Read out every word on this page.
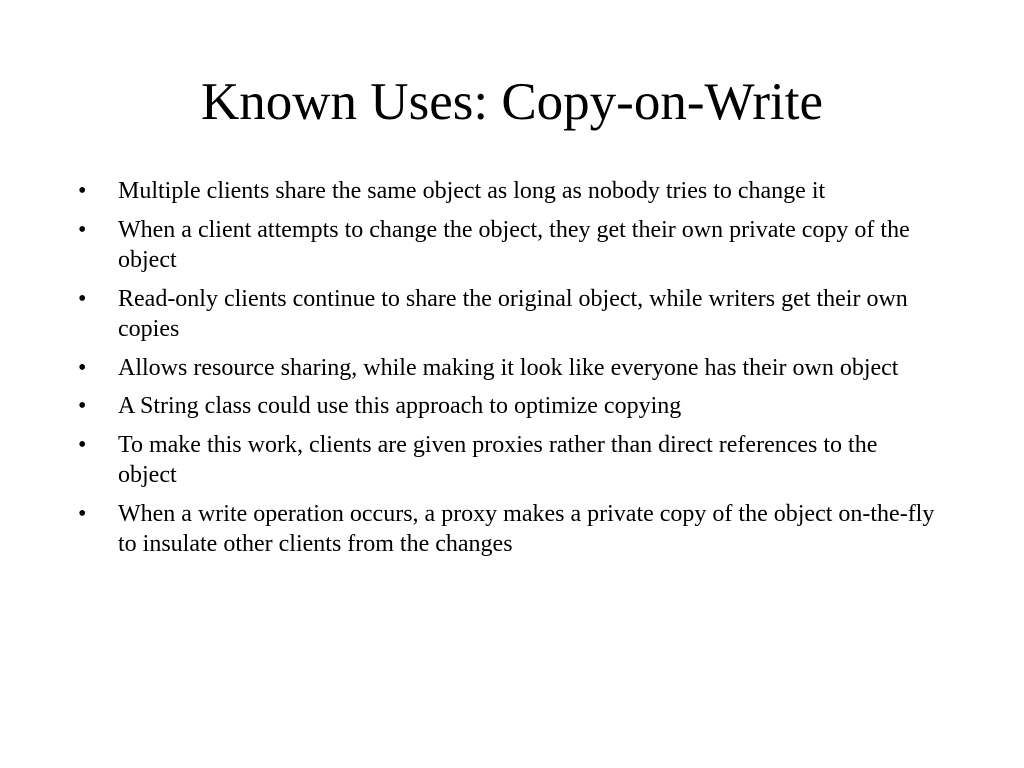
Known Uses: Copy-on-Write
•	Multiple clients share the same object as long as nobody tries to change it
•	When a client attempts to change the object, they get their own private copy of the object
•	Read-only clients continue to share the original object, while writers get their own copies
•	Allows resource sharing, while making it look like everyone has their own object
•	A String class could use this approach to optimize copying
•	To make this work, clients are given proxies rather than direct references to the object
•	When a write operation occurs, a proxy makes a private copy of the object on-the-fly to insulate other clients from the changes
